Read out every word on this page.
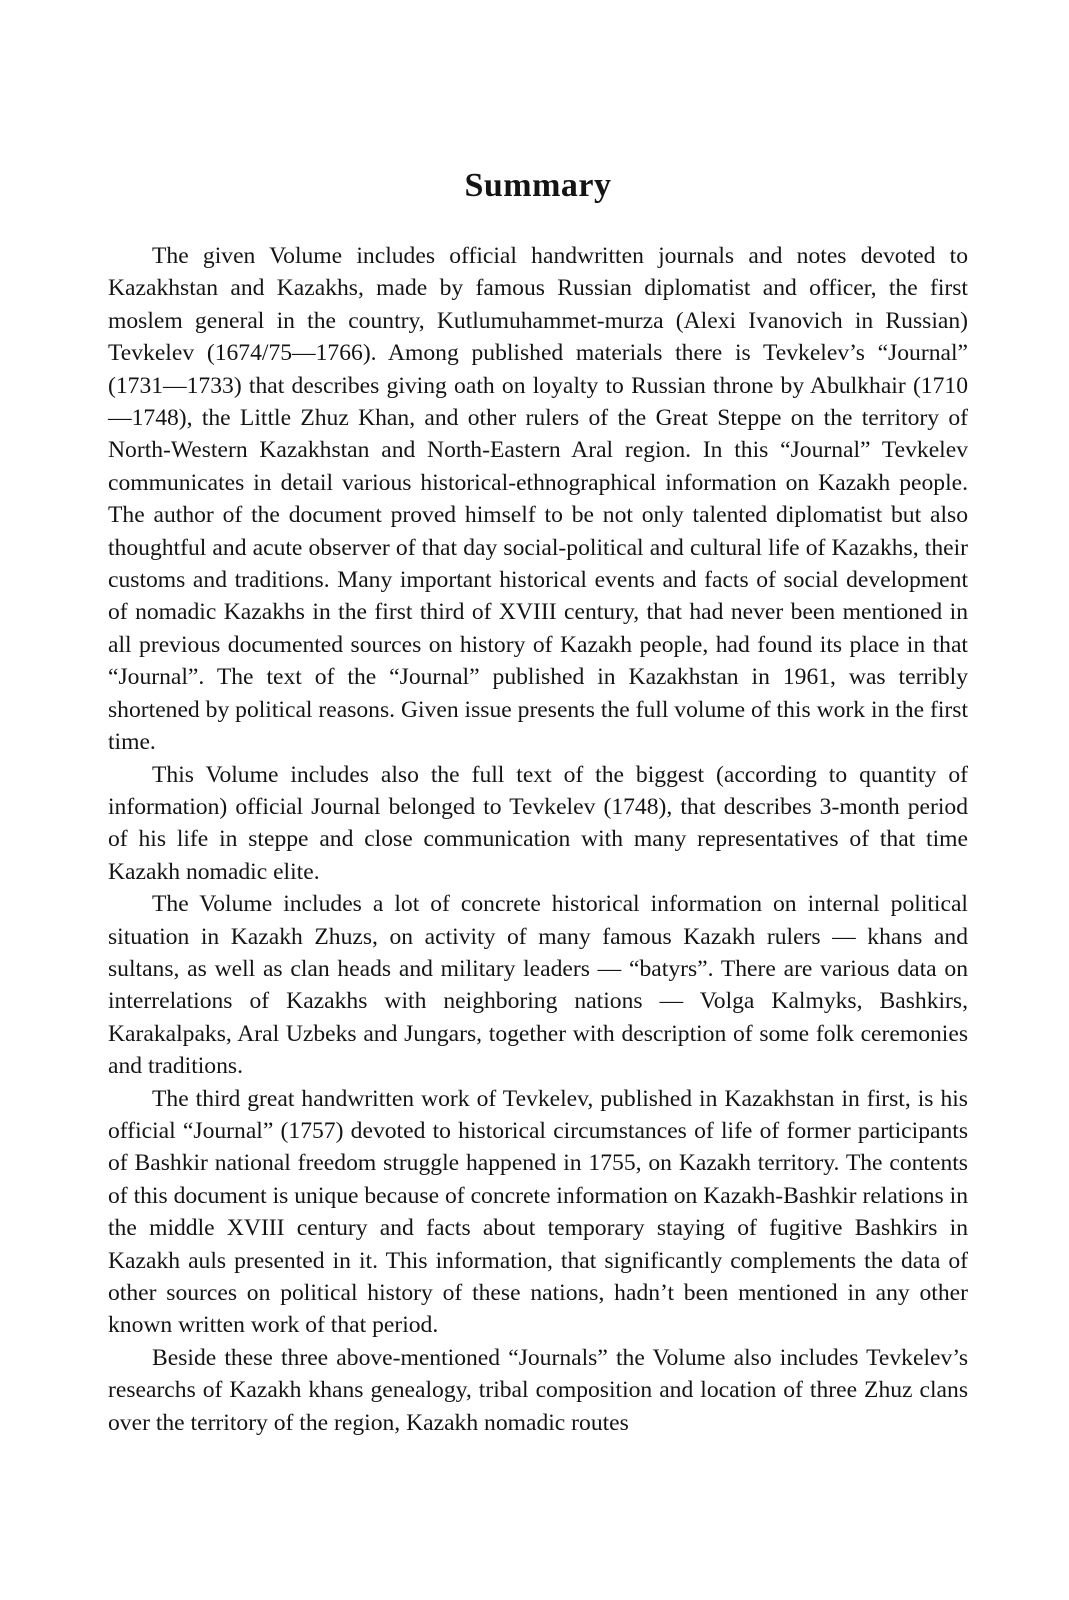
Summary

The given Volume includes official handwritten journals and notes devoted to Kazakhstan and Kazakhs, made by famous Russian diplomatist and officer, the first moslem general in the country, Kutlumuhammet-murza (Alexi Ivanovich in Russian) Tevkelev (1674/75—1766). Among published materials there is Tevkelev’s “Journal” (1731—1733) that describes giving oath on loyalty to Russian throne by Abulkhair (1710—1748), the Little Zhuz Khan, and other rulers of the Great Steppe on the territory of North-Western Kazakhstan and North-Eastern Aral region. In this “Journal” Tevkelev communicates in detail various historical-ethnographical information on Kazakh people. The author of the document proved himself to be not only talented diplomatist but also thoughtful and acute observer of that day social-political and cultural life of Kazakhs, their customs and traditions. Many important historical events and facts of social development of nomadic Kazakhs in the first third of XVIII century, that had never been mentioned in all previous documented sources on history of Kazakh people, had found its place in that “Journal”. The text of the “Journal” published in Kazakhstan in 1961, was terribly shortened by political reasons. Given issue presents the full volume of this work in the first time.

This Volume includes also the full text of the biggest (according to quantity of information) official Journal belonged to Tevkelev (1748), that describes 3-month period of his life in steppe and close communication with many representatives of that time Kazakh nomadic elite.

The Volume includes a lot of concrete historical information on internal political situation in Kazakh Zhuzs, on activity of many famous Kazakh rulers — khans and sultans, as well as clan heads and military leaders — “batyrs”. There are various data on interrelations of Kazakhs with neighboring nations — Volga Kalmyks, Bashkirs, Karakalpaks, Aral Uzbeks and Jungars, together with description of some folk ceremonies and traditions.

The third great handwritten work of Tevkelev, published in Kazakhstan in first, is his official “Journal” (1757) devoted to historical circumstances of life of former participants of Bashkir national freedom struggle happened in 1755, on Kazakh territory. The contents of this document is unique because of concrete information on Kazakh-Bashkir relations in the middle XVIII century and facts about temporary staying of fugitive Bashkirs in Kazakh auls presented in it. This information, that significantly complements the data of other sources on political history of these nations, hadn’t been mentioned in any other known written work of that period.

Beside these three above-mentioned “Journals” the Volume also includes Tevkelev’s researchs of Kazakh khans genealogy, tribal composition and location of three Zhuz clans over the territory of the region, Kazakh nomadic routes
